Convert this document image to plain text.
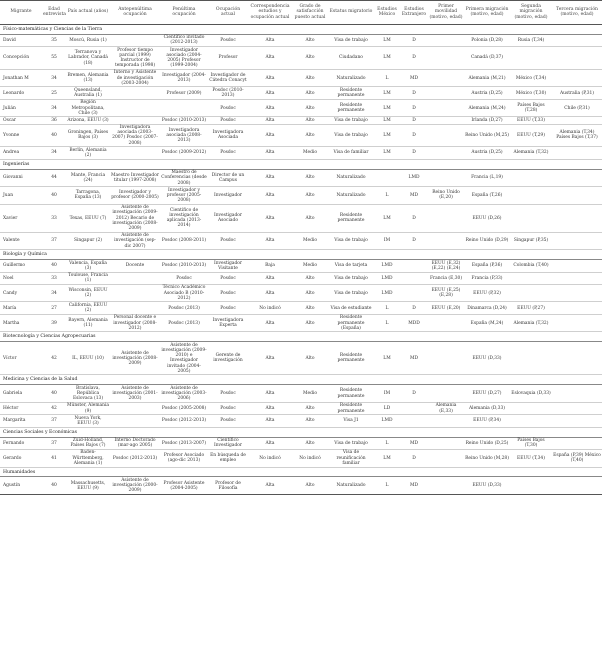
Migrante	Edad entrevista	País actual (años)	Antepenúltima ocupación	Penúltima ocupación	Ocupación actual	Correspondencia estudios y ocupación actual	Grado de satisfacción puesto actual	Estatus migratorio	Estudios México	Estudios Extranjero	Primer movilidad (motivo, edad)	Primera migración (motivo, edad)	Segunda migración (motivo, edad)	Tercera migración (motivo, edad)
Físico-matemáticas y Ciencias de la Tierra														
David	35	Moscú, Rusia (1)		Científico invitado (2012-2013)	Posdoc	Alta	Alto	Visa de trabajo	LM	D		Polonia (D,28)	Rusia (T,34)	
Concepción	55	Terranova y Labrador, Canadá (18)	Profesor tiempo parcial (1999) Instructor de temporada (1998)	Investigador asociado (2004-2005) Profesor (1999-2004)	Profesor	Alta	Alto	Ciudadano	LM	D		Canadá (D,37)		
Jonathan M	34	Bremen, Alemania (13)	Interno y Asistente de investigación (2003-2004)	Investigador (2004-2013)	Investigador de Cátedra Conacyt	Alta	Alto	Naturalizado	L	MD		Alemania (M,21)	México (T,34)	
Leonardo	25	Queensland, Australia (1)		Profesor (2009)	Posdoc (2010-2013)	Alta	Alto	Residente permanente	LM	D		Austria (D,25)	México (T,30)	Australia (P,31)
Julián	34	Región Metropolitana, Chile (3)			Posdoc	Alta	Alto	Residente permanente	LM	D		Alemania (M,24)	Países Bajos (T,28)	Chile (P,31)
Oscar	36	Arizona, EEUU (3)		Posdoc (2010-2013)	Posdoc	Alta	Alto	Visa de trabajo	LM	D		Irlanda (D,27)	EEUU (T,33)	
Yvonne	40	Groningen, Países Bajos (3)	Investigadora asociada (2003-2007) Posdoc (2007-2008)	Investigadora asociada (2008-2013)	Investigadora Asociada	Alta	Alto	Visa de trabajo	LM	D		Reino Unido (M,25)	EEUU (T,29)	Alemania (T,34) Países Bajos (T,37)
Andrea	34	Berlín, Alemania (2)		Posdoc (2009-2012)	Posdoc	Alta	Medio	Visa de familiar	LM	D		Austria (D,25)	Alemania (T,32)	
Ingenierías														
Giovanni	44	Mante, Francia (24)	Maestro Investigador titular (1997-2008)	Maestro de Conferencias (desde 2008)	Director de un Campus	Alta	Alto	Naturalizado		LMD		Francia (L,19)		
Juan	40	Tarragona, España (13)	Investigador y profesor (2000-2005)	Investigador y profesor (2005-2008)	Investigador	Alta	Alto	Naturalizado	L	MD	Reino Unido (E,20)	España (T,26)		
Xavier	33	Texas, EEUU (7)	Asistente de investigación (2009-2012) Becario de investigación (2008-2009)	Científico de investigación aplicada (2013-2014)	Investigador Asociado	Alta	Alto	Residente permanente	LM	D		EEUU (D,26)		
Valente	37	Singapur (2)	Asistente de investigación (sep-dic 2007)	Posdoc (2008-2011)	Posdoc	Alta	Medio	Visa de trabajo	IM	D		Reino Unido (D,29)	Singapur (P,35)	
Biología y Química														
Guillermo	40	Valencia, España (3)	Docente	Posdoc (2010-2013)	Investigador Visitante	Baja	Medio	Visa de tarjeta	LMD		EEUU (E,32) (E,22) (E,24)	España (P,36)	Colombia (T,40)	
Noel	33	Toulouse, Francia (1)		Posdoc	Posdoc	Alta	Alto	Visa de trabajo	LMD		Francia (E,30)	Francia (P,33)		
Candy	34	Wisconsin, EEUU (2)		Técnico Académico Asociado B (2010-2012)	Posdoc	Alta	Alto	Visa de trabajo	LMD		EEUU (E,25) (E,28)	EEUU (P,32)		
María	27	California, EEUU (2)		Posdoc (2013)	Posdoc	No indicó	Alto	Visa de estudiante	L	D	EEUU (E,20)	Dinamarca (D,24)	EEUU (P,27)	
Martha	39	Bayern, Alemania (11)	Personal docente e investigador (2008-2012)	Posdoc (2013)	Investigadora Experta	Alta	Alto	Residente permanente (España)	L	MDD		España (M,24)	Alemania (T,32)	
Biotecnología y Ciencias Agropecuarias														
Víctor	42	IL, EEUU (10)	Asistente de investigación (2008-2009)	Asistente de investigación (2009-2010) e Investigador invitado (2004-2005)	Gerente de investigación	Alta	Alto	Residente permanente	LM	MD		EEUU (D,33)		
Medicina y Ciencias de la Salud														
Gabriela	40	Bratislava, República Eslovaca (13)	Asistente de investigación (2001-2003)	Asistente de investigación (2003-2006)	Posdoc	Alta	Medio	Residente permanente	IM	D		EEUU (D,27)	Eslovaquia (D,33)	
Héctor	42	Münster, Alemania (9)		Posdoc (2005-2008)	Posdoc	Alta	Alto	Residente permanente	LD		Alemania (E,33)	Alemania (D,33)		
Margarita	37	Nueva York, EEUU (3)		Posdoc (2012-2013)	Posdoc	Alta	Alto	Visa J1	LMD			EEUU (P,34)		
Ciencias Sociales y Económicas														
Fernando	37	Zuid-Holland, Países Bajos (7)	Interno Doctorado (mar-ago 2005)	Posdoc (2013-2007)	Científico Investigador	Alta	Alto	Visa de trabajo	L	MD		Reino Unido (D,25)	Países Bajos (T,30)	
Gerardo	41	Baden-Württemberg, Alemania (1)	Posdoc (2012-2013)	Profesor Asociado (ago-dic 2013)	En búsqueda de empleo	No indicó	No indicó	Visa de reunificación familiar	LM	D		Reino Unido (M,28)	EEUU (T,34)	España (P,39) México (T,40)
Humanidades														
Agustín	40	Massachusetts, EEUU (9)	Asistente de investigación (2000-2009)	Profesor Asistente (2004-2005)	Profesor de Filosofía	Alta	Alto	Naturalizado	L	MD		EEUU (D,33)		
